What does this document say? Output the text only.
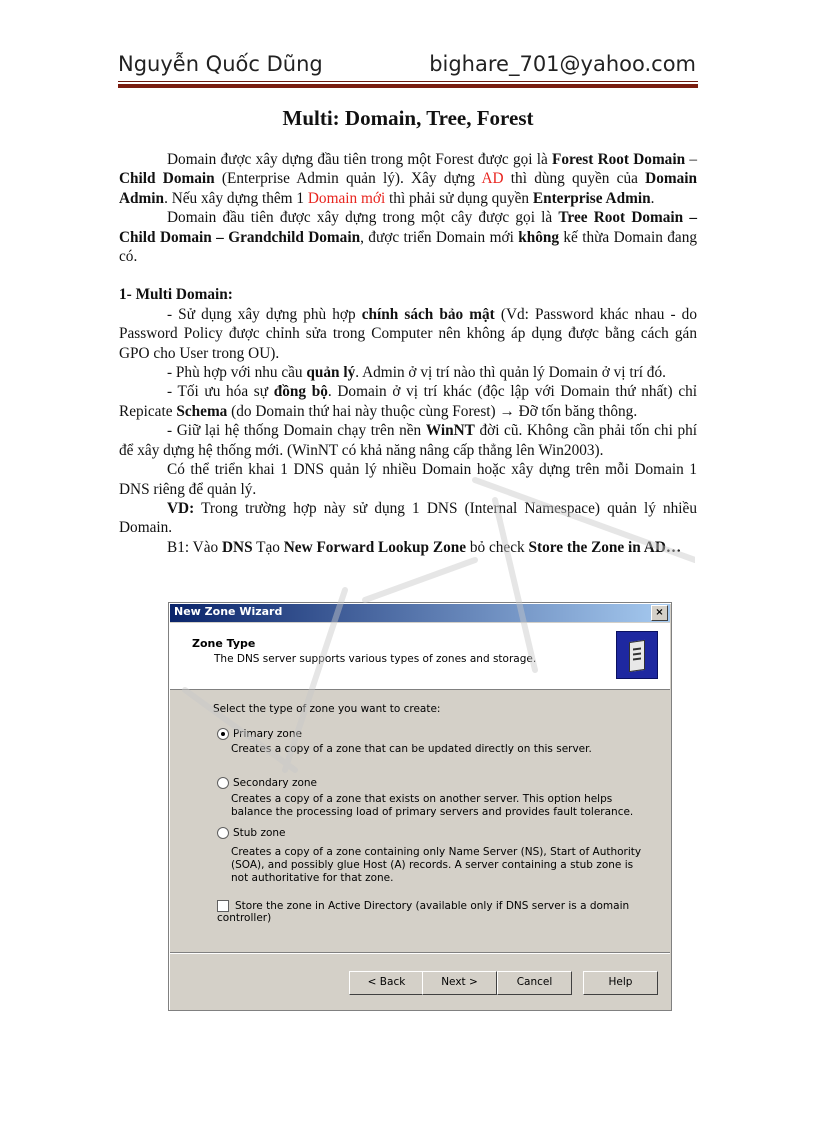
Nguyễn Quốc Dũng	bighare_701@yahoo.com
Multi: Domain, Tree, Forest

Domain được xây dựng đầu tiên trong một Forest được gọi là Forest Root Domain – Child Domain (Enterprise Admin quản lý). Xây dựng AD thì dùng quyền của Domain Admin. Nếu xây dựng thêm 1 Domain mới thì phải sử dụng quyền Enterprise Admin.

Domain đầu tiên được xây dựng trong một cây được gọi là Tree Root Domain – Child Domain – Grandchild Domain, được triển Domain mới không kế thừa Domain đang có.

1- Multi Domain:

- Sử dụng xây dựng phù hợp chính sách bảo mật (Vd: Password khác nhau - do Password Policy được chỉnh sửa trong Computer nên không áp dụng được bằng cách gán GPO cho User trong OU).

- Phù hợp với nhu cầu quản lý. Admin ở vị trí nào thì quản lý Domain ở vị trí đó.

- Tối ưu hóa sự đồng bộ. Domain ở vị trí khác (độc lập với Domain thứ nhất) chỉ Repicate Schema (do Domain thứ hai này thuộc cùng Forest) → Đỡ tốn băng thông.

- Giữ lại hệ thống Domain chạy trên nền WinNT đời cũ. Không cần phải tốn chi phí để xây dựng hệ thống mới. (WinNT có khả năng nâng cấp thẳng lên Win2003).

Có thể triển khai 1 DNS quản lý nhiều Domain hoặc xây dựng trên mỗi Domain 1 DNS riêng để quản lý.

VD: Trong trường hợp này sử dụng 1 DNS (Internal Namespace) quản lý nhiều Domain.

B1: Vào DNS Tạo New Forward Lookup Zone bỏ check Store the Zone in AD…

New Zone Wizard	×
Zone Type
The DNS server supports various types of zones and storage.
Select the type of zone you want to create:
Primary zone
Creates a copy of a zone that can be updated directly on this server.
Secondary zone
Creates a copy of a zone that exists on another server. This option helps balance the processing load of primary servers and provides fault tolerance.
Stub zone
Creates a copy of a zone containing only Name Server (NS), Start of Authority (SOA), and possibly glue Host (A) records. A server containing a stub zone is not authoritative for that zone.
Store the zone in Active Directory (available only if DNS server is a domain controller)
< Back	Next >	Cancel	Help
